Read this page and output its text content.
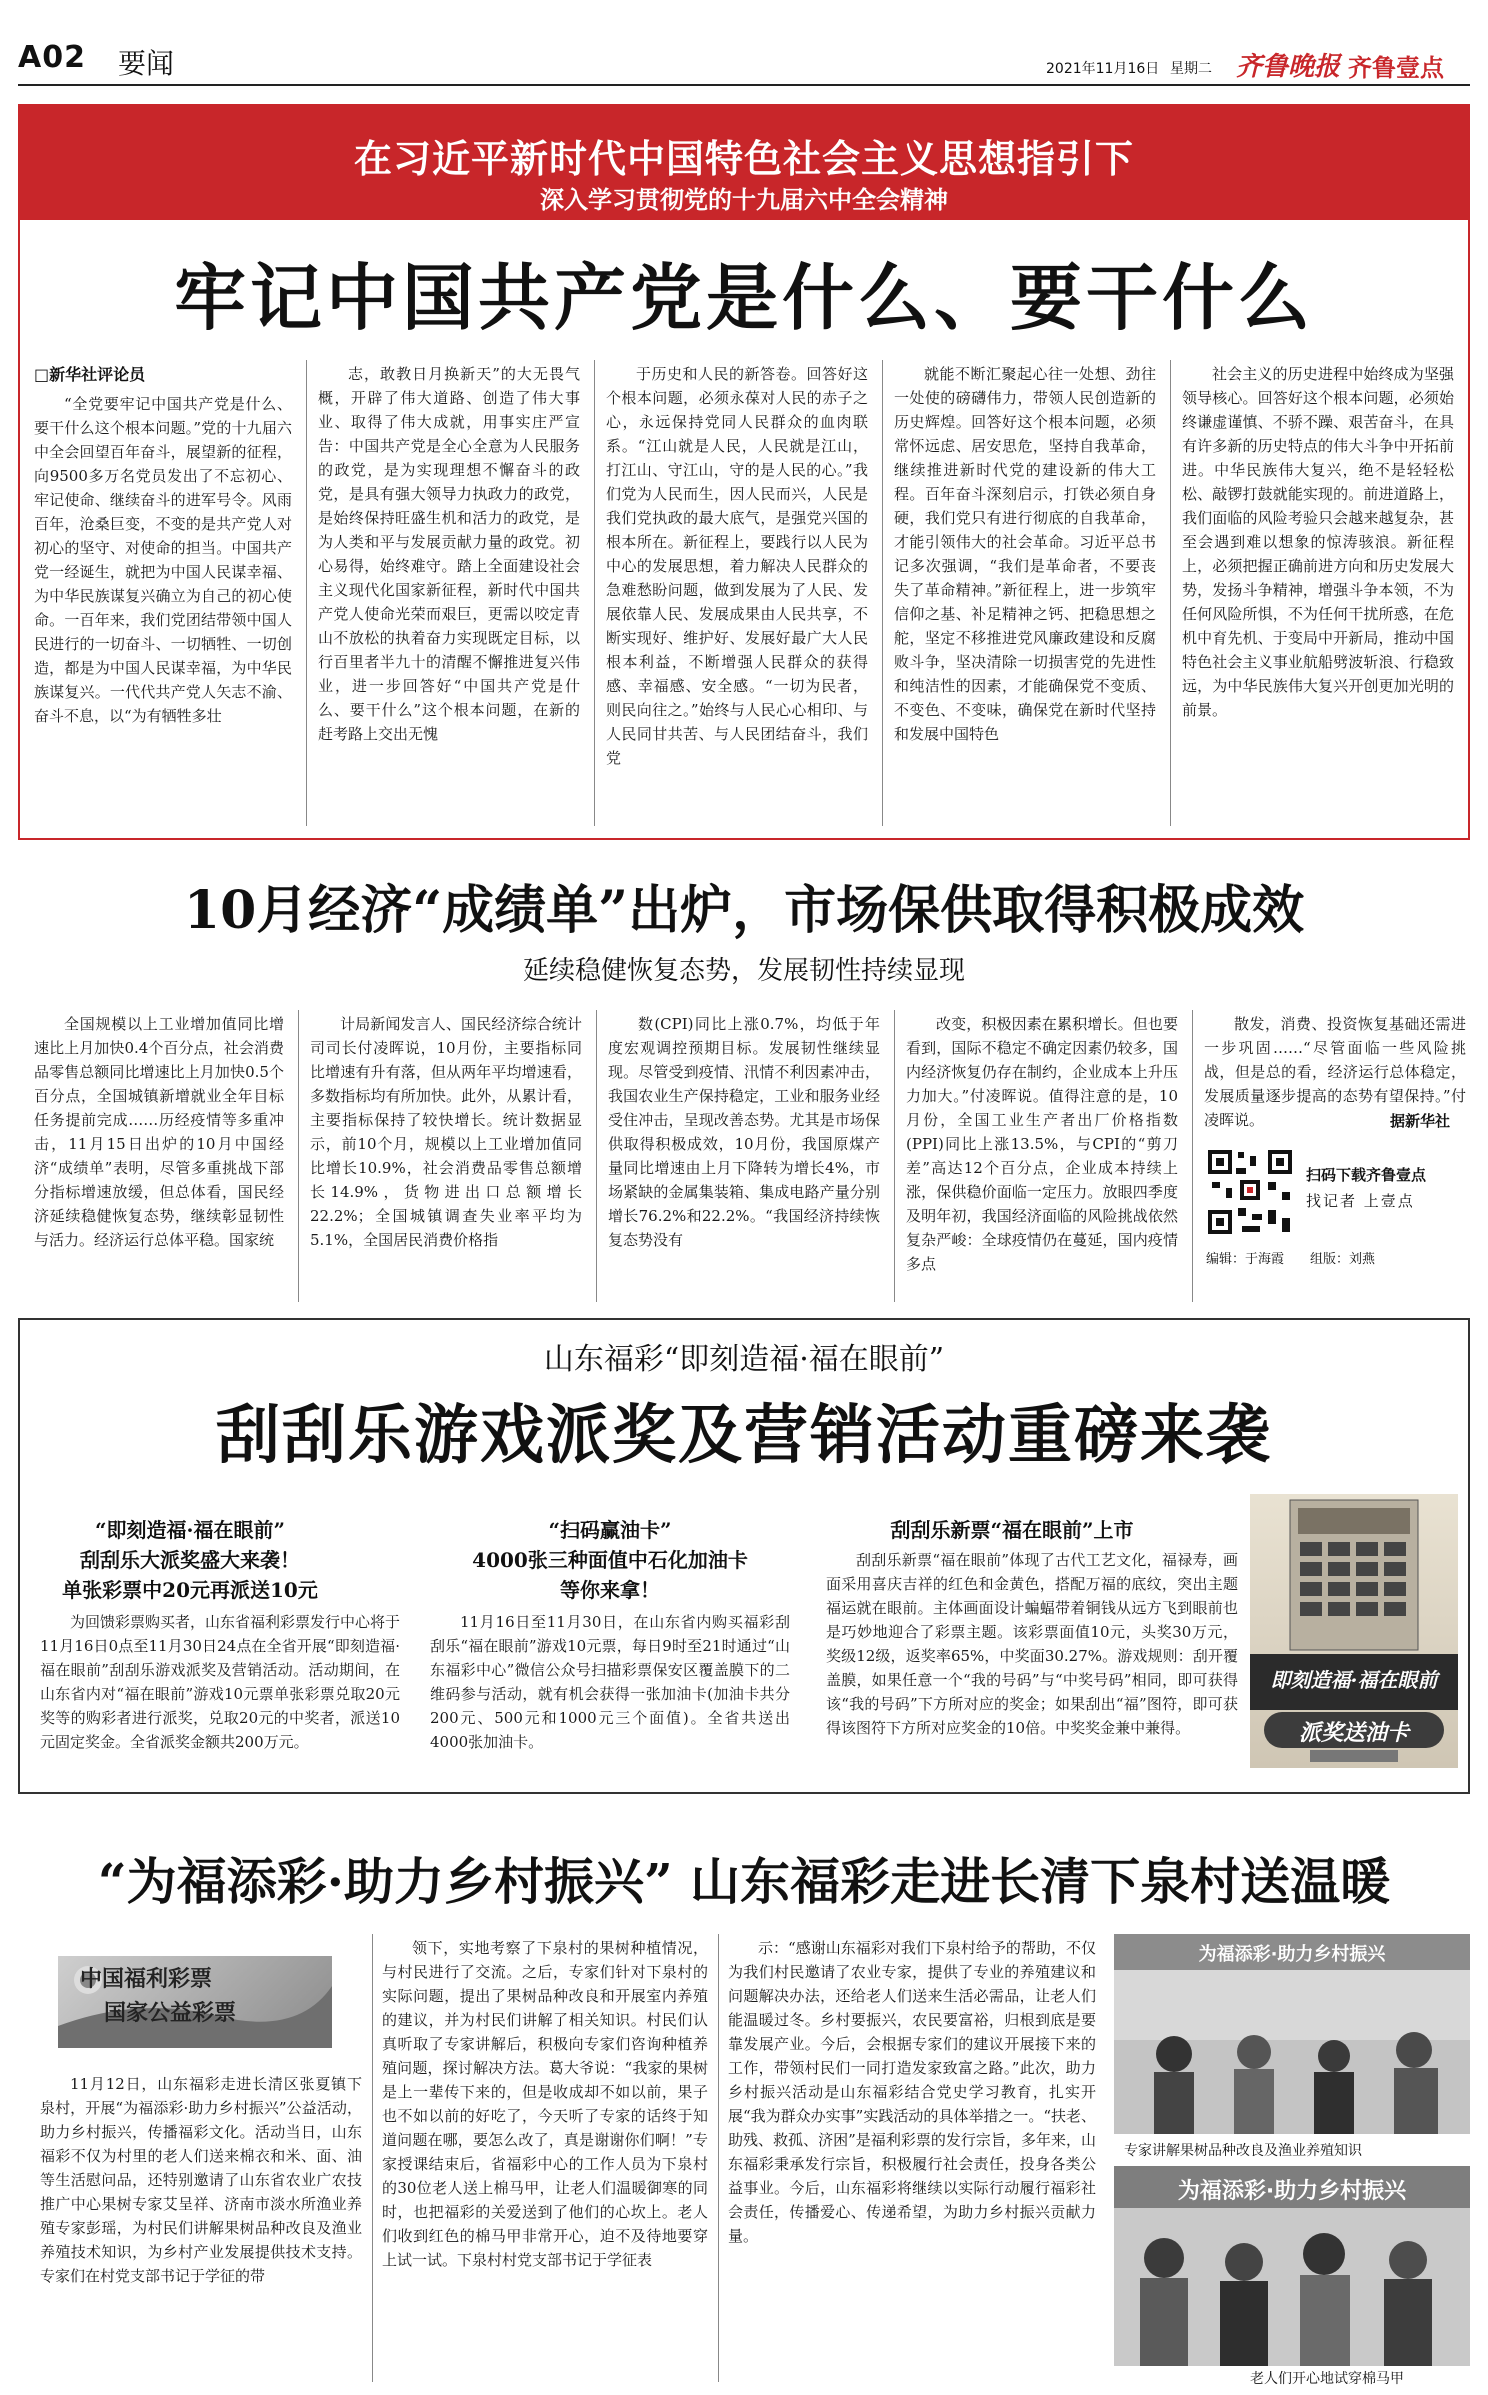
A02 要闻	2021年11月16日 星期二 齐鲁晚报 齐鲁壹点
在习近平新时代中国特色社会主义思想指引下
深入学习贯彻党的十九届六中全会精神
牢记中国共产党是什么、要干什么
□新华社评论员

“全党要牢记中国共产党是什么、要干什么这个根本问题。”党的十九届六中全会回望百年奋斗，展望新的征程，向9500多万名党员发出了不忘初心、牢记使命、继续奋斗的进军号令。风雨百年，沧桑巨变，不变的是共产党人对初心的坚守、对使命的担当。中国共产党一经诞生，就把为中国人民谋幸福、为中华民族谋复兴确立为自己的初心使命。一百年来，我们党团结带领中国人民进行的一切奋斗、一切牺牲、一切创造，都是为中国人民谋幸福，为中华民族谋复兴。一代代共产党人矢志不渝、奋斗不息，以“为有牺牲多壮

志，敢教日月换新天”的大无畏气概，开辟了伟大道路、创造了伟大事业、取得了伟大成就，用事实庄严宣告：中国共产党是全心全意为人民服务的政党，是为实现理想不懈奋斗的政党，是具有强大领导力执政力的政党，是始终保持旺盛生机和活力的政党，是为人类和平与发展贡献力量的政党。初心易得，始终难守。踏上全面建设社会主义现代化国家新征程，新时代中国共产党人使命光荣而艰巨，更需以咬定青山不放松的执着奋力实现既定目标，以行百里者半九十的清醒不懈推进复兴伟业，进一步回答好“中国共产党是什么、要干什么”这个根本问题，在新的赶考路上交出无愧

于历史和人民的新答卷。回答好这个根本问题，必须永葆对人民的赤子之心，永远保持党同人民群众的血肉联系。“江山就是人民，人民就是江山，打江山、守江山，守的是人民的心。”我们党为人民而生，因人民而兴，人民是我们党执政的最大底气，是强党兴国的根本所在。新征程上，要践行以人民为中心的发展思想，着力解决人民群众的急难愁盼问题，做到发展为了人民、发展依靠人民、发展成果由人民共享，不断实现好、维护好、发展好最广大人民根本利益，不断增强人民群众的获得感、幸福感、安全感。“一切为民者，则民向往之。”始终与人民心心相印、与人民同甘共苦、与人民团结奋斗，我们党

就能不断汇聚起心往一处想、劲往一处使的磅礴伟力，带领人民创造新的历史辉煌。回答好这个根本问题，必须常怀远虑、居安思危，坚持自我革命，继续推进新时代党的建设新的伟大工程。百年奋斗深刻启示，打铁必须自身硬，我们党只有进行彻底的自我革命，才能引领伟大的社会革命。习近平总书记多次强调，“我们是革命者，不要丧失了革命精神。”新征程上，进一步筑牢信仰之基、补足精神之钙、把稳思想之舵，坚定不移推进党风廉政建设和反腐败斗争，坚决清除一切损害党的先进性和纯洁性的因素，才能确保党不变质、不变色、不变味，确保党在新时代坚持和发展中国特色

社会主义的历史进程中始终成为坚强领导核心。回答好这个根本问题，必须始终谦虚谨慎、不骄不躁、艰苦奋斗，在具有许多新的历史特点的伟大斗争中开拓前进。中华民族伟大复兴，绝不是轻轻松松、敲锣打鼓就能实现的。前进道路上，我们面临的风险考验只会越来越复杂，甚至会遇到难以想象的惊涛骇浪。新征程上，必须把握正确前进方向和历史发展大势，发扬斗争精神，增强斗争本领，不为任何风险所惧，不为任何干扰所惑，在危机中育先机、于变局中开新局，推动中国特色社会主义事业航船劈波斩浪、行稳致远，为中华民族伟大复兴开创更加光明的前景。

10月经济“成绩单”出炉，市场保供取得积极成效
延续稳健恢复态势，发展韧性持续显现

全国规模以上工业增加值同比增速比上月加快0.4个百分点，社会消费品零售总额同比增速比上月加快0.5个百分点，全国城镇新增就业全年目标任务提前完成……历经疫情等多重冲击，11月15日出炉的10月中国经济“成绩单”表明，尽管多重挑战下部分指标增速放缓，但总体看，国民经济延续稳健恢复态势，继续彰显韧性与活力。经济运行总体平稳。国家统

计局新闻发言人、国民经济综合统计司司长付凌晖说，10月份，主要指标同比增速有升有落，但从两年平均增速看，多数指标均有所加快。此外，从累计看，主要指标保持了较快增长。统计数据显示，前10个月，规模以上工业增加值同比增长10.9%，社会消费品零售总额增长14.9%，货物进出口总额增长22.2%；全国城镇调查失业率平均为5.1%，全国居民消费价格指

数(CPI)同比上涨0.7%，均低于年度宏观调控预期目标。发展韧性继续显现。尽管受到疫情、汛情不利因素冲击，我国农业生产保持稳定，工业和服务业经受住冲击，呈现改善态势。尤其是市场保供取得积极成效，10月份，我国原煤产量同比增速由上月下降转为增长4%，市场紧缺的金属集装箱、集成电路产量分别增长76.2%和22.2%。“我国经济持续恢复态势没有

改变，积极因素在累积增长。但也要看到，国际不稳定不确定因素仍较多，国内经济恢复仍存在制约，企业成本上升压力加大。”付凌晖说。值得注意的是，10月份，全国工业生产者出厂价格指数(PPI)同比上涨13.5%，与CPI的“剪刀差”高达12个百分点，企业成本持续上涨，保供稳价面临一定压力。放眼四季度及明年初，我国经济面临的风险挑战依然复杂严峻：全球疫情仍在蔓延，国内疫情多点

散发，消费、投资恢复基础还需进一步巩固……“尽管面临一些风险挑战，但是总的看，经济运行总体稳定，发展质量逐步提高的态势有望保持。”付凌晖说。	据新华社
扫码下载齐鲁壹点
找记者 上壹点
编辑：于海霞 组版：刘燕
山东福彩“即刻造福·福在眼前”
刮刮乐游戏派奖及营销活动重磅来袭
“即刻造福·福在眼前”
刮刮乐大派奖盛大来袭！
单张彩票中20元再派送10元

为回馈彩票购买者，山东省福利彩票发行中心将于11月16日0点至11月30日24点在全省开展“即刻造福·福在眼前”刮刮乐游戏派奖及营销活动。活动期间，在山东省内对“福在眼前”游戏10元票单张彩票兑取20元奖等的购彩者进行派奖，兑取20元的中奖者，派送10元固定奖金。全省派奖金额共200万元。

“扫码赢油卡”
4000张三种面值中石化加油卡
等你来拿！

11月16日至11月30日，在山东省内购买福彩刮刮乐“福在眼前”游戏10元票，每日9时至21时通过“山东福彩中心”微信公众号扫描彩票保安区覆盖膜下的二维码参与活动，就有机会获得一张加油卡(加油卡共分200元、500元和1000元三个面值)。全省共送出4000张加油卡。

刮刮乐新票“福在眼前”上市

刮刮乐新票“福在眼前”体现了古代工艺文化，福禄寿，画面采用喜庆吉祥的红色和金黄色，搭配万福的底纹，突出主题福运就在眼前。主体画面设计蝙蝠带着铜钱从远方飞到眼前也是巧妙地迎合了彩票主题。该彩票面值10元，头奖30万元，奖级12级，返奖率65%，中奖面30.27%。游戏规则：刮开覆盖膜，如果任意一个“我的号码”与“中奖号码”相同，即可获得该“我的号码”下方所对应的奖金；如果刮出“福”图符，即可获得该图符下方所对应奖金的10倍。中奖奖金兼中兼得。

即刻造福·福在眼前
派奖送油卡
“为福添彩·助力乡村振兴” 山东福彩走进长清下泉村送温暖
中国福利彩票
国家公益彩票

11月12日，山东福彩走进长清区张夏镇下泉村，开展“为福添彩·助力乡村振兴”公益活动，助力乡村振兴，传播福彩文化。活动当日，山东福彩不仅为村里的老人们送来棉衣和米、面、油等生活慰问品，还特别邀请了山东省农业广农技推广中心果树专家艾呈祥、济南市淡水所渔业养殖专家彭瑶，为村民们讲解果树品种改良及渔业养殖技术知识，为乡村产业发展提供技术支持。专家们在村党支部书记于学征的带

领下，实地考察了下泉村的果树种植情况，与村民进行了交流。之后，专家们针对下泉村的实际问题，提出了果树品种改良和开展室内养殖的建议，并为村民们讲解了相关知识。村民们认真听取了专家讲解后，积极向专家们咨询种植养殖问题，探讨解决方法。葛大爷说：“我家的果树是上一辈传下来的，但是收成却不如以前，果子也不如以前的好吃了，今天听了专家的话终于知道问题在哪，要怎么改了，真是谢谢你们啊！”专家授课结束后，省福彩中心的工作人员为下泉村的30位老人送上棉马甲，让老人们温暖御寒的同时，也把福彩的关爱送到了他们的心坎上。老人们收到红色的棉马甲非常开心，迫不及待地要穿上试一试。下泉村村党支部书记于学征表

示：“感谢山东福彩对我们下泉村给予的帮助，不仅为我们村民邀请了农业专家，提供了专业的养殖建议和问题解决办法，还给老人们送来生活必需品，让老人们能温暖过冬。乡村要振兴，农民要富裕，归根到底是要靠发展产业。今后，会根据专家们的建议开展接下来的工作，带领村民们一同打造发家致富之路。”此次，助力乡村振兴活动是山东福彩结合党史学习教育，扎实开展“我为群众办实事”实践活动的具体举措之一。“扶老、助残、救孤、济困”是福利彩票的发行宗旨，多年来，山东福彩秉承发行宗旨，积极履行社会责任，投身各类公益事业。今后，山东福彩将继续以实际行动履行福彩社会责任，传播爱心、传递希望，为助力乡村振兴贡献力量。

为福添彩·助力乡村振兴
专家讲解果树品种改良及渔业养殖知识
为福添彩·助力乡村振兴
老人们开心地试穿棉马甲
